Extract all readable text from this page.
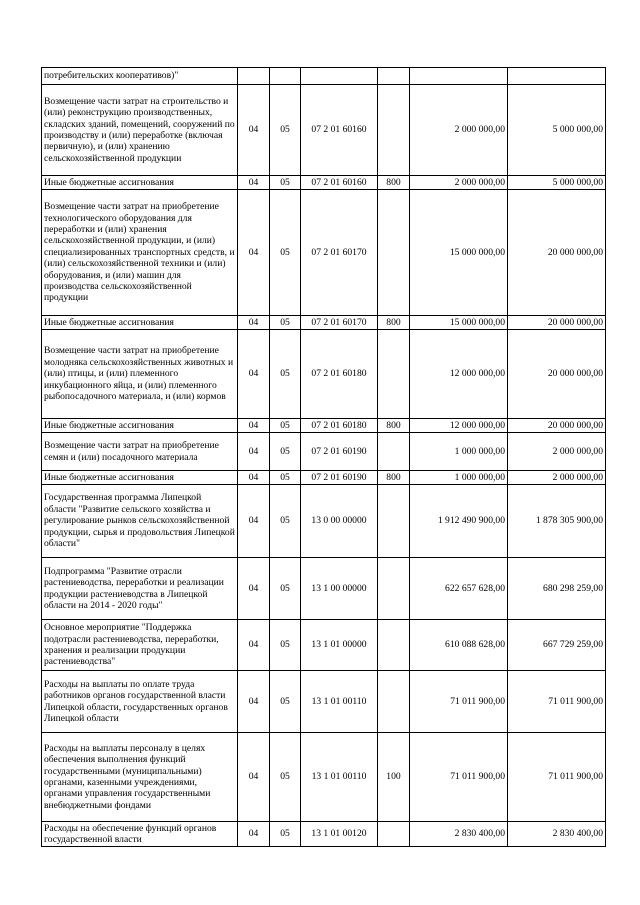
потребительских кооперативов)"						
Возмещение части затрат на строительство и (или) реконструкцию производственных, складских зданий, помещений, сооружений по производству и (или) переработке (включая первичную), и (или) хранению сельскохозяйственной продукции	04	05	07 2 01 60160		2 000 000,00	5 000 000,00
Иные бюджетные ассигнования	04	05	07 2 01 60160	800	2 000 000,00	5 000 000,00
Возмещение части затрат на приобретение технологического оборудования для переработки и (или) хранения сельскохозяйственной продукции, и (или) специализированных транспортных средств, и (или) сельскохозяйственной техники и (или) оборудования, и (или) машин для производства сельскохозяйственной продукции	04	05	07 2 01 60170		15 000 000,00	20 000 000,00
Иные бюджетные ассигнования	04	05	07 2 01 60170	800	15 000 000,00	20 000 000,00
Возмещение части затрат на приобретение молодняка сельскохозяйственных животных и (или) птицы, и (или) племенного инкубационного яйца, и (или) племенного рыбопосадочного материала, и (или) кормов	04	05	07 2 01 60180		12 000 000,00	20 000 000,00
Иные бюджетные ассигнования	04	05	07 2 01 60180	800	12 000 000,00	20 000 000,00
Возмещение части затрат на приобретение семян и (или) посадочного материала	04	05	07 2 01 60190		1 000 000,00	2 000 000,00
Иные бюджетные ассигнования	04	05	07 2 01 60190	800	1 000 000,00	2 000 000,00
Государственная программа Липецкой области "Развитие сельского хозяйства и регулирование рынков сельскохозяйственной продукции, сырья и продовольствия Липецкой области"	04	05	13 0 00 00000		1 912 490 900,00	1 878 305 900,00
Подпрограмма "Развитие отрасли растениеводства, переработки и реализации продукции растениеводства в Липецкой области на 2014 - 2020 годы"	04	05	13 1 00 00000		622 657 628,00	680 298 259,00
Основное мероприятие "Поддержка подотрасли растениеводства, переработки, хранения и реализации продукции растениеводства"	04	05	13 1 01 00000		610 088 628,00	667 729 259,00
Расходы на выплаты по оплате труда работников органов государственной власти Липецкой области, государственных органов Липецкой области	04	05	13 1 01 00110		71 011 900,00	71 011 900,00
Расходы на выплаты персоналу в целях обеспечения выполнения функций государственными (муниципальными) органами, казенными учреждениями, органами управления государственными внебюджетными фондами	04	05	13 1 01 00110	100	71 011 900,00	71 011 900,00
Расходы на обеспечение функций органов государственной власти	04	05	13 1 01 00120		2 830 400,00	2 830 400,00
